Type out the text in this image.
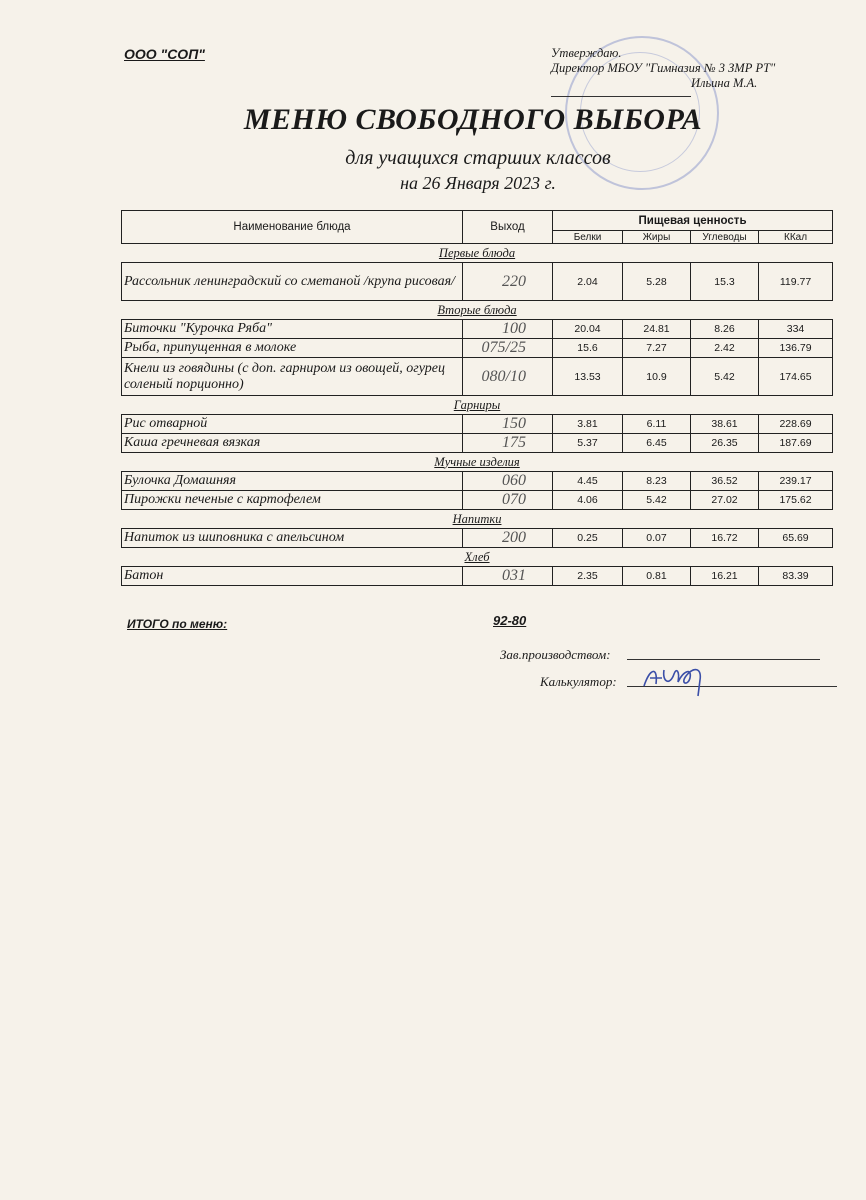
ООО "СОП"	Утверждаю.
Директор МБОУ "Гимназия № 3 ЗМР РТ"
Ильина М.А.
МЕНЮ СВОБОДНОГО ВЫБОРА
для учащихся старших классов
на 26 Января 2023 г.
Наименование блюда	Выход	Пищевая ценность			
		Белки	Жиры	Углеводы	ККал
Первые блюда					
Рассольник ленинградский со сметаной /крупа рисовая/	220	2.04	5.28	15.3	119.77
Вторые блюда					
Биточки "Курочка Ряба"	100	20.04	24.81	8.26	334
Рыба, припущенная в молоке	075/25	15.6	7.27	2.42	136.79
Кнели из говядины (с доп. гарниром из овощей, огурец соленый порционно)	080/10	13.53	10.9	5.42	174.65
Гарниры					
Рис отварной	150	3.81	6.11	38.61	228.69
Каша гречневая вязкая	175	5.37	6.45	26.35	187.69
Мучные изделия					
Булочка Домашняя	060	4.45	8.23	36.52	239.17
Пирожки печеные с картофелем	070	4.06	5.42	27.02	175.62
Напитки					
Напиток из шиповника с апельсином	200	0.25	0.07	16.72	65.69
Хлеб					
Батон	031	2.35	0.81	16.21	83.39
ИТОГО по меню:	92-80
Зав.производством:
Калькулятор:
